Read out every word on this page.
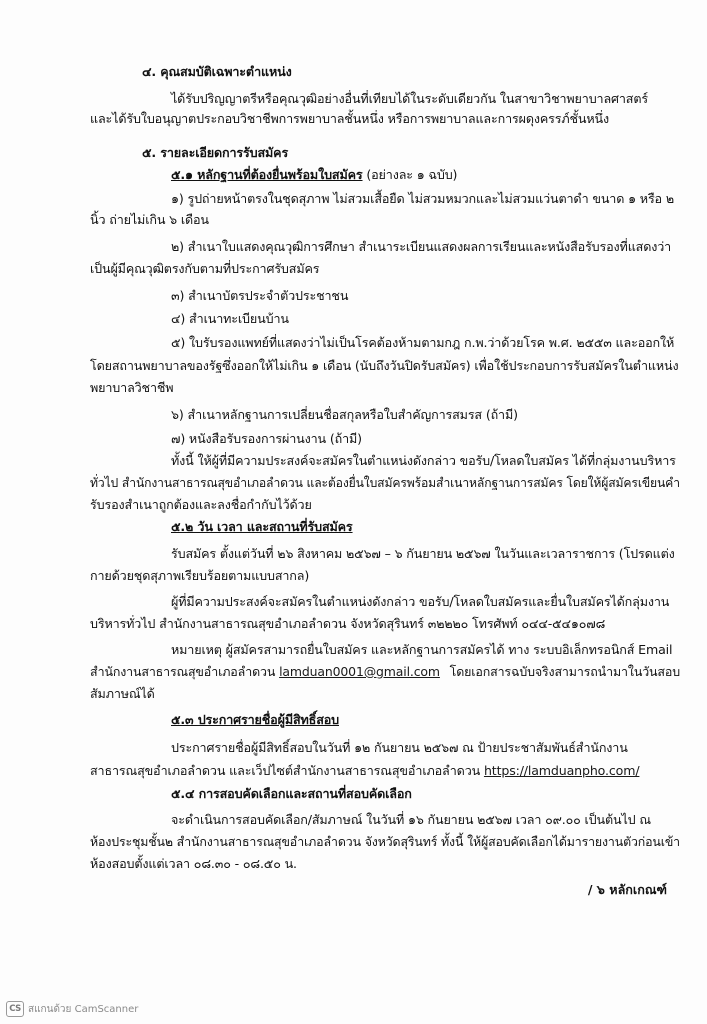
๔. คุณสมบัติเฉพาะตำแหน่ง
ได้รับปริญญาตรีหรือคุณวุฒิอย่างอื่นที่เทียบได้ในระดับเดียวกัน ในสาขาวิชาพยาบาลศาสตร์
และได้รับใบอนุญาตประกอบวิชาชีพการพยาบาลชั้นหนึ่ง หรือการพยาบาลและการผดุงครรภ์ชั้นหนึ่ง
๕. รายละเอียดการรับสมัคร
๕.๑ หลักฐานที่ต้องยื่นพร้อมใบสมัคร (อย่างละ ๑ ฉบับ)
๑) รูปถ่ายหน้าตรงในชุดสุภาพ ไม่สวมเสื้อยืด ไม่สวมหมวกและไม่สวมแว่นตาดำ ขนาด ๑ หรือ ๒
นิ้ว ถ่ายไม่เกิน ๖ เดือน
๒) สำเนาใบแสดงคุณวุฒิการศึกษา สำเนาระเบียนแสดงผลการเรียนและหนังสือรับรองที่แสดงว่า
เป็นผู้มีคุณวุฒิตรงกับตามที่ประกาศรับสมัคร
๓) สำเนาบัตรประจำตัวประชาชน
๔) สำเนาทะเบียนบ้าน
๕) ใบรับรองแพทย์ที่แสดงว่าไม่เป็นโรคต้องห้ามตามกฎ ก.พ.ว่าด้วยโรค พ.ศ. ๒๕๕๓ และออกให้
โดยสถานพยาบาลของรัฐซึ่งออกให้ไม่เกิน ๑ เดือน (นับถึงวันปิดรับสมัคร) เพื่อใช้ประกอบการรับสมัครในตำแหน่ง
พยาบาลวิชาชีพ
๖) สำเนาหลักฐานการเปลี่ยนชื่อสกุลหรือใบสำคัญการสมรส (ถ้ามี)
๗) หนังสือรับรองการผ่านงาน (ถ้ามี)
ทั้งนี้ ให้ผู้ที่มีความประสงค์จะสมัครในตำแหน่งดังกล่าว ขอรับ/โหลดใบสมัคร ได้ที่กลุ่มงานบริหาร
ทั่วไป สำนักงานสาธารณสุขอำเภอลำดวน และต้องยื่นใบสมัครพร้อมสำเนาหลักฐานการสมัคร โดยให้ผู้สมัครเขียนคำ
รับรองสำเนาถูกต้องและลงชื่อกำกับไว้ด้วย
๕.๒ วัน เวลา และสถานที่รับสมัคร
รับสมัคร ตั้งแต่วันที่ ๒๖ สิงหาคม ๒๕๖๗ – ๖ กันยายน ๒๕๖๗ ในวันและเวลาราชการ (โปรดแต่ง
กายด้วยชุดสุภาพเรียบร้อยตามแบบสากล)
ผู้ที่มีความประสงค์จะสมัครในตำแหน่งดังกล่าว ขอรับ/โหลดใบสมัครและยื่นใบสมัครได้กลุ่มงาน
บริหารทั่วไป สำนักงานสาธารณสุขอำเภอลำดวน จังหวัดสุรินทร์ ๓๒๒๒๐ โทรศัพท์ ๐๔๔-๕๔๑๐๗๘
หมายเหตุ ผู้สมัครสามารถยื่นใบสมัคร และหลักฐานการสมัครได้ ทาง ระบบอิเล็กทรอนิกส์ Email
สำนักงานสาธารณสุขอำเภอลำดวน lamduan0001@gmail.com โดยเอกสารฉบับจริงสามารถนำมาในวันสอบ
สัมภาษณ์ได้
๕.๓ ประกาศรายชื่อผู้มีสิทธิ์สอบ
ประกาศรายชื่อผู้มีสิทธิ์สอบในวันที่ ๑๒ กันยายน ๒๕๖๗ ณ ป้ายประชาสัมพันธ์สำนักงาน
สาธารณสุขอำเภอลำดวน และเว็ปไซต์สำนักงานสาธารณสุขอำเภอลำดวน https://lamduanpho.com/
๕.๔ การสอบคัดเลือกและสถานที่สอบคัดเลือก
จะดำเนินการสอบคัดเลือก/สัมภาษณ์ ในวันที่ ๑๖ กันยายน ๒๕๖๗ เวลา ๐๙.๐๐ เป็นต้นไป ณ
ห้องประชุมชั้น๒ สำนักงานสาธารณสุขอำเภอลำดวน จังหวัดสุรินทร์ ทั้งนี้ ให้ผู้สอบคัดเลือกได้มารายงานตัวก่อนเข้า
ห้องสอบตั้งแต่เวลา ๐๘.๓๐ - ๐๘.๕๐ น.
/ ๖ หลักเกณฑ์
CS สแกนด้วย CamScanner
